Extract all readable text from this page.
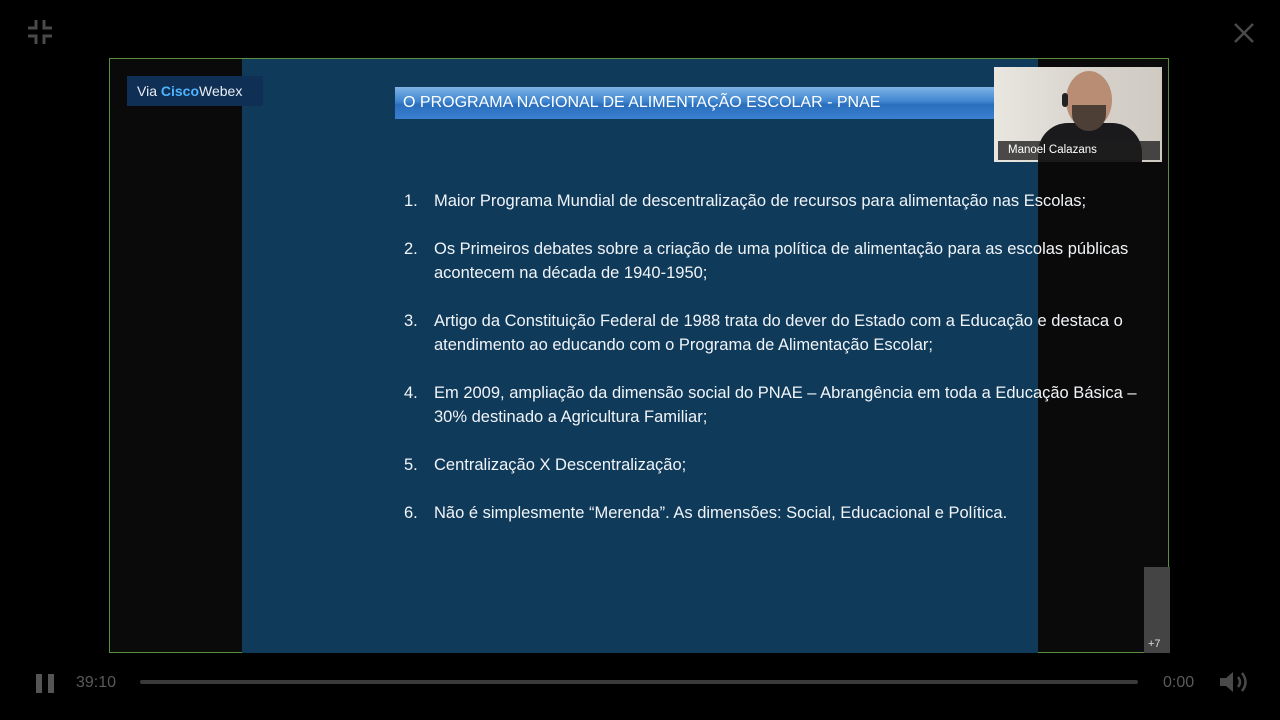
O PROGRAMA NACIONAL DE ALIMENTAÇÃO ESCOLAR - PNAE
1. Maior Programa Mundial de descentralização de recursos para alimentação nas Escolas;
2. Os Primeiros debates sobre a criação de uma política de alimentação para as escolas públicas acontecem na década de 1940-1950;
3. Artigo da Constituição Federal de 1988 trata do dever do Estado com a Educação e destaca o atendimento ao educando com o Programa de Alimentação Escolar;
4. Em 2009, ampliação da dimensão social do PNAE – Abrangência em toda a Educação Básica – 30% destinado a Agricultura Familiar;
5. Centralização X Descentralização;
6. Não é simplesmente “Merenda”. As dimensões: Social, Educacional e Política.
Via CiscoWebex
Manoel Calazans
+7
39:10	0:00
